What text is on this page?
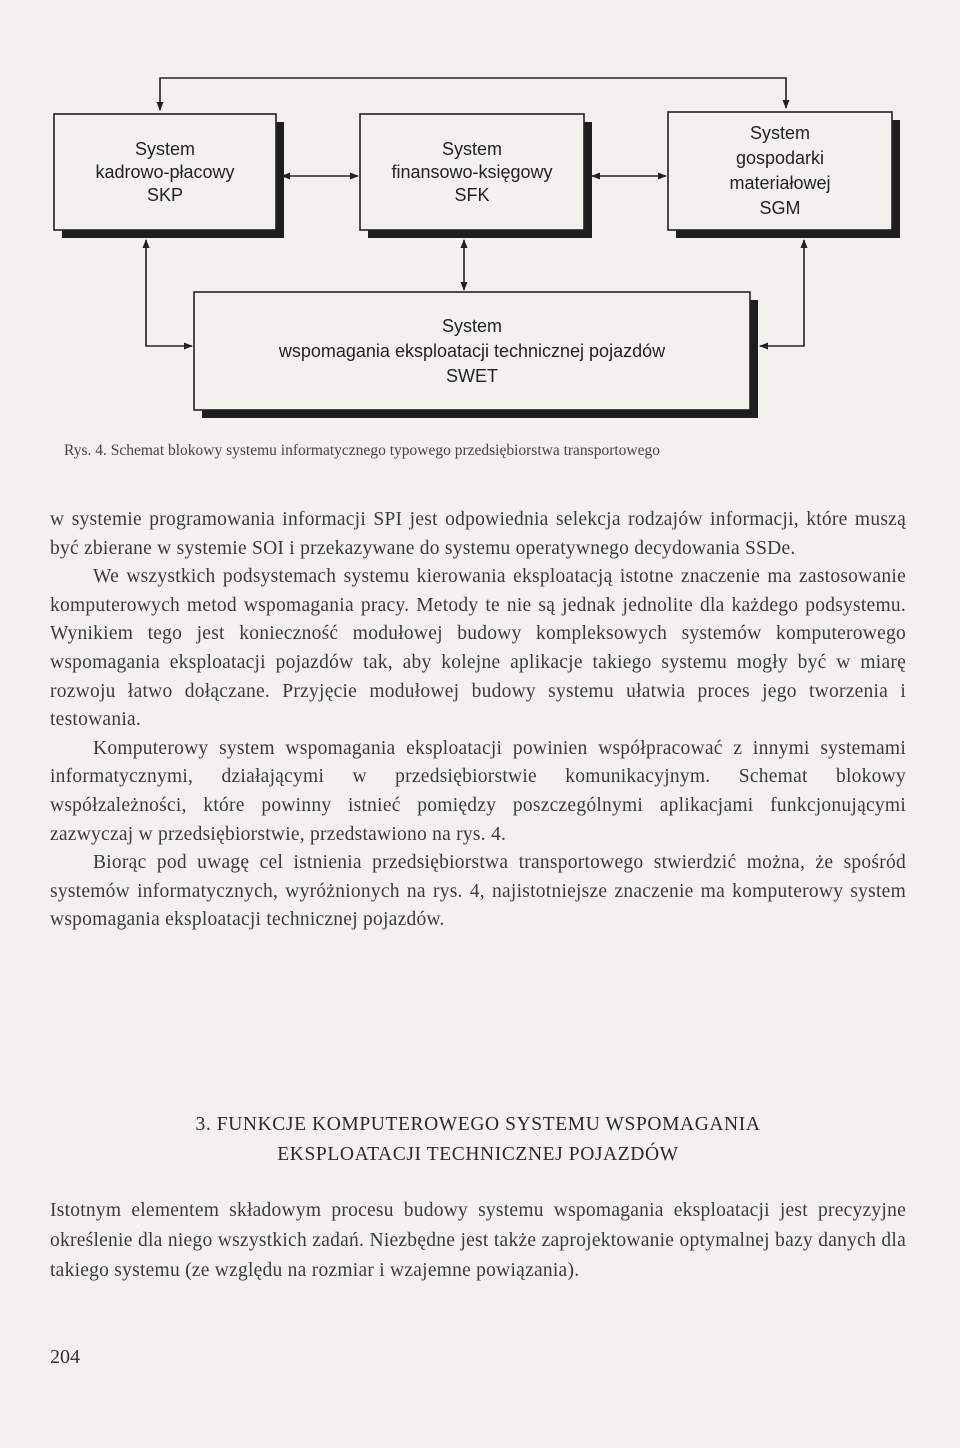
System
kadrowo-płacowy
SKP
System
finansowo-księgowy
SFK
System
gospodarki
materiałowej
SGM
System
wspomagania eksploatacji technicznej pojazdów
SWET
Rys. 4. Schemat blokowy systemu informatycznego typowego przedsiębiorstwa transportowego

w systemie programowania informacji SPI jest odpowiednia selekcja rodzajów informacji, które muszą być zbierane w systemie SOI i przekazywane do systemu operatywnego decydowania SSDe.

We wszystkich podsystemach systemu kierowania eksploatacją istotne znaczenie ma zastosowanie komputerowych metod wspomagania pracy. Metody te nie są jednak jednolite dla każdego podsystemu. Wynikiem tego jest konieczność modułowej budowy kompleksowych systemów komputerowego wspomagania eksploatacji pojazdów tak, aby kolejne aplikacje takiego systemu mogły być w miarę rozwoju łatwo dołączane. Przyjęcie modułowej budowy systemu ułatwia proces jego tworzenia i testowania.

Komputerowy system wspomagania eksploatacji powinien współpracować z innymi systemami informatycznymi, działającymi w przedsiębiorstwie komunikacyjnym. Schemat blokowy współzależności, które powinny istnieć pomiędzy poszczególnymi aplikacjami funkcjonującymi zazwyczaj w przedsiębiorstwie, przedstawiono na rys. 4.

Biorąc pod uwagę cel istnienia przedsiębiorstwa transportowego stwierdzić można, że spośród systemów informatycznych, wyróżnionych na rys. 4, najistotniejsze znaczenie ma komputerowy system wspomagania eksploatacji technicznej pojazdów.

3. FUNKCJE KOMPUTEROWEGO SYSTEMU WSPOMAGANIA
EKSPLOATACJI TECHNICZNEJ POJAZDÓW

Istotnym elementem składowym procesu budowy systemu wspomagania eksploatacji jest precyzyjne określenie dla niego wszystkich zadań. Niezbędne jest także zaprojektowanie optymalnej bazy danych dla takiego systemu (ze względu na rozmiar i wzajemne powiązania).

204
